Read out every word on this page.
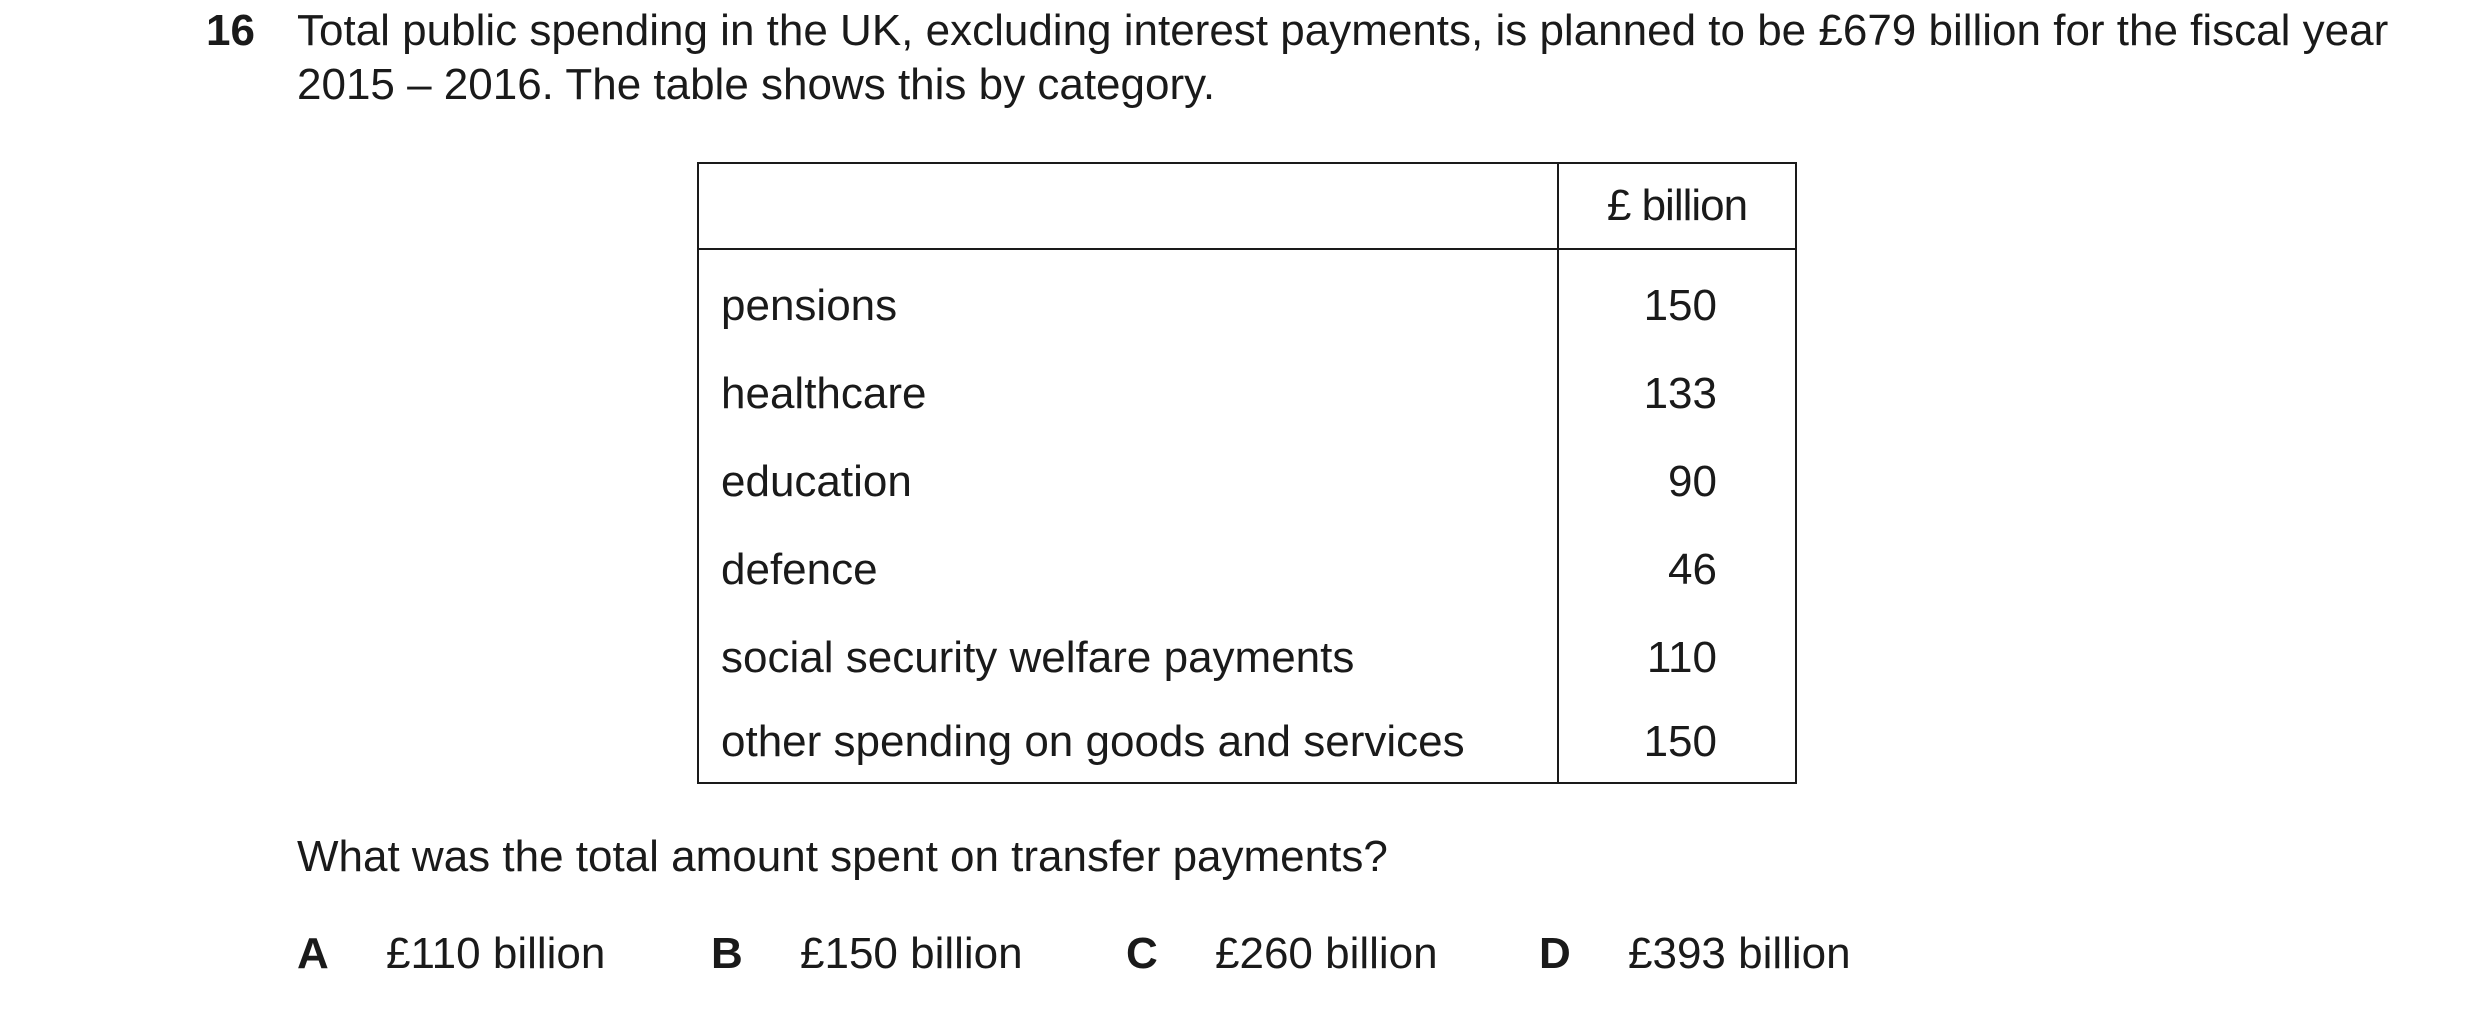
16 Total public spending in the UK, excluding interest payments, is planned to be £679 billion for the fiscal year 2015 – 2016. The table shows this by category.

	£ billion
pensions	150
healthcare	133
education	90
defence	46
social security welfare payments	110
other spending on goods and services	150

What was the total amount spent on transfer payments?

A £110 billion B £150 billion C £260 billion D £393 billion
